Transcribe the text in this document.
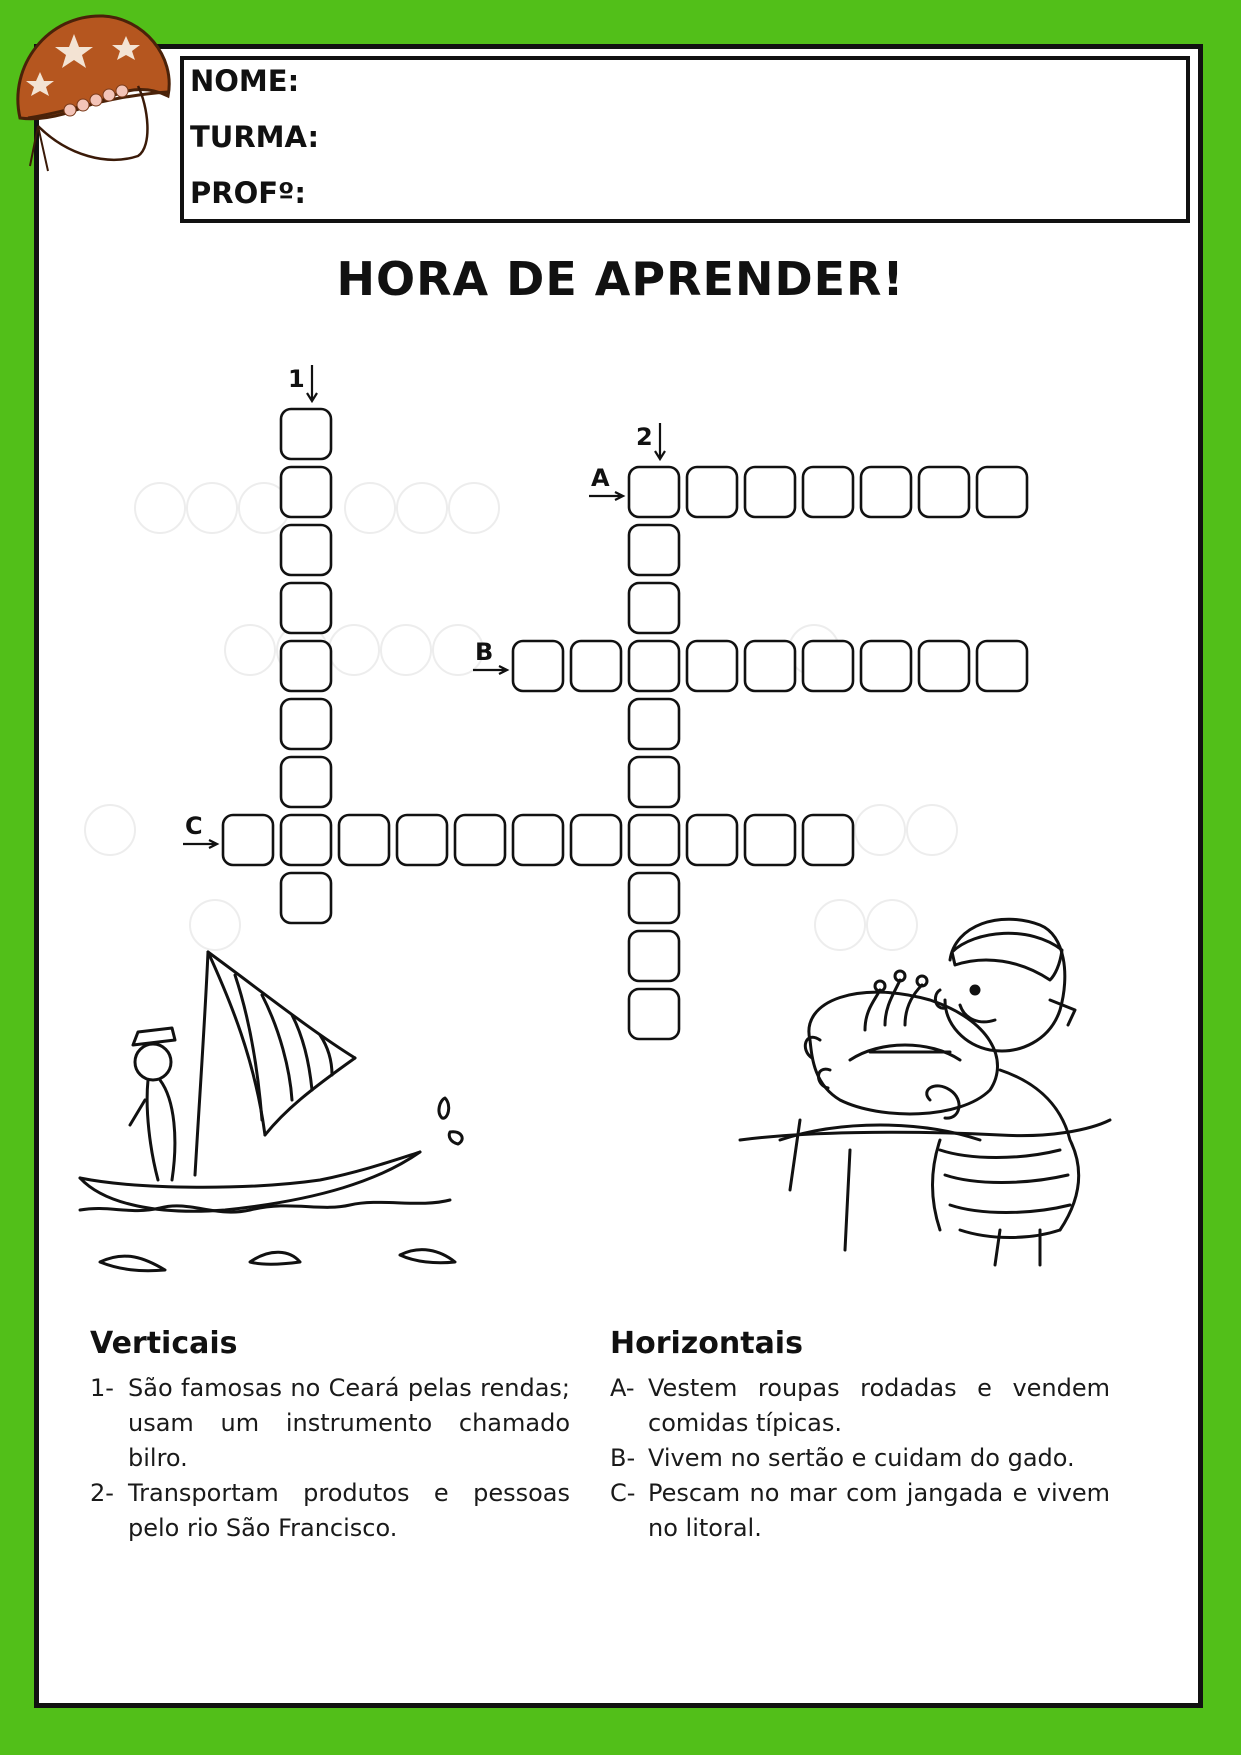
NOME:
TURMA:
PROFº:
HORA DE APRENDER!
1
2
A
B
C
Verticais

1- São famosas no Ceará pelas rendas; usam um instrumento chamado bilro.

2- Transportam produtos e pessoas pelo rio São Francisco.

Horizontais

A- Vestem roupas rodadas e vendem comidas típicas.

B- Vivem no sertão e cuidam do gado.

C- Pescam no mar com jangada e vivem no litoral.
